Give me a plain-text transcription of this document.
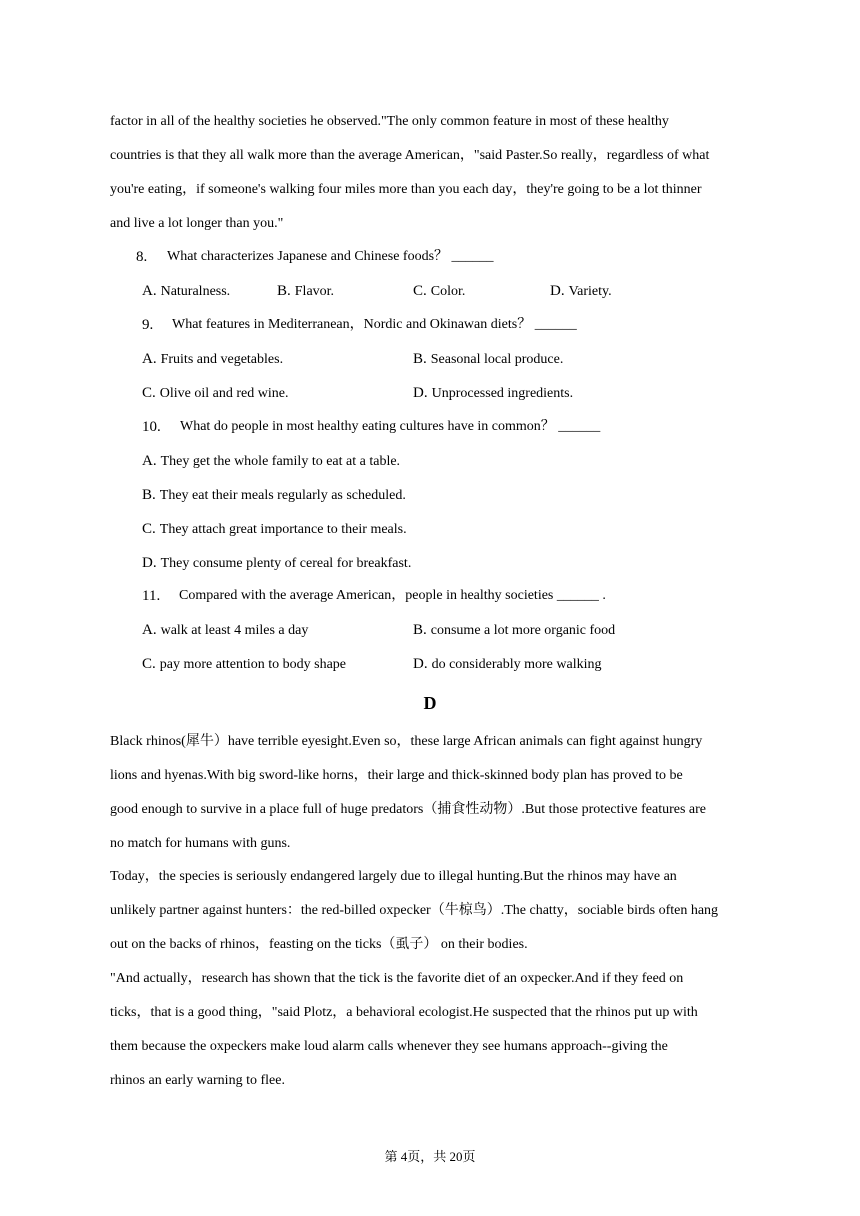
factor in all of the healthy societies he observed."The only common feature in most of these healthy
countries is that they all walk more than the average American，"said Paster.So really，regardless of what
you're eating，if someone's walking four miles more than you each day，they're going to be a lot thinner
and live a lot longer than you."
8. What characterizes Japanese and Chinese foods？ ______
A. Naturalness.	B. Flavor.	C. Color.	D. Variety.
9. What features in Mediterranean，Nordic and Okinawan diets？ ______
A. Fruits and vegetables.	B. Seasonal local produce.
C. Olive oil and red wine.	D. Unprocessed ingredients.
10. What do people in most healthy eating cultures have in common？ ______
A. They get the whole family to eat at a table.
B. They eat their meals regularly as scheduled.
C. They attach great importance to their meals.
D. They consume plenty of cereal for breakfast.
11. Compared with the average American，people in healthy societies ______ .
A. walk at least 4 miles a day	B. consume a lot more organic food
C. pay more attention to body shape	D. do considerably more walking
D
Black rhinos(犀牛）have terrible eyesight.Even so，these large African animals can fight against hungry
lions and hyenas.With big sword-like horns，their large and thick-skinned body plan has proved to be
good enough to survive in a place full of huge predators（捕食性动物）.But those protective features are
no match for humans with guns.
Today，the species is seriously endangered largely due to illegal hunting.But the rhinos may have an
unlikely partner against hunters：the red-billed oxpecker（牛椋鸟）.The chatty，sociable birds often hang
out on the backs of rhinos，feasting on the ticks（虱子） on their bodies.
"And actually，research has shown that the tick is the favorite diet of an oxpecker.And if they feed on
ticks，that is a good thing，"said Plotz，a behavioral ecologist.He suspected that the rhinos put up with
them because the oxpeckers make loud alarm calls whenever they see humans approach--giving the
rhinos an early warning to flee.
第 4页，共 20页
